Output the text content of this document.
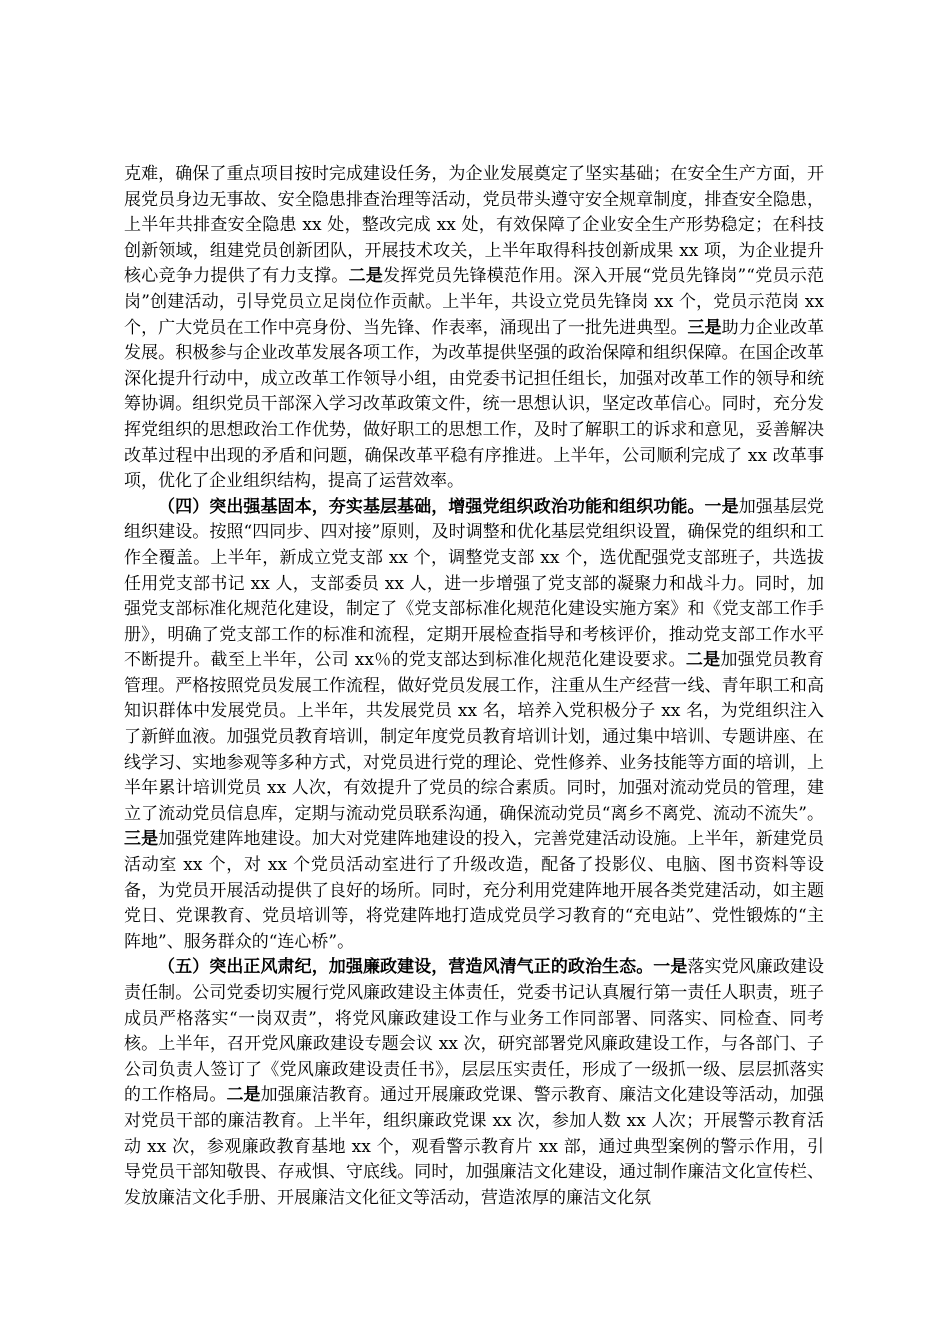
克难，确保了重点项目按时完成建设任务，为企业发展奠定了坚实基础；在安全生产方面，开展党员身边无事故、安全隐患排查治理等活动，党员带头遵守安全规章制度，排查安全隐患，上半年共排查安全隐患 xx 处，整改完成 xx 处，有效保障了企业安全生产形势稳定；在科技创新领域，组建党员创新团队，开展技术攻关，上半年取得科技创新成果 xx 项，为企业提升核心竞争力提供了有力支撑。二是发挥党员先锋模范作用。深入开展“党员先锋岗”“党员示范岗”创建活动，引导党员立足岗位作贡献。上半年，共设立党员先锋岗 xx 个，党员示范岗 xx 个，广大党员在工作中亮身份、当先锋、作表率，涌现出了一批先进典型。三是助力企业改革发展。积极参与企业改革发展各项工作，为改革提供坚强的政治保障和组织保障。在国企改革深化提升行动中，成立改革工作领导小组，由党委书记担任组长，加强对改革工作的领导和统筹协调。组织党员干部深入学习改革政策文件，统一思想认识，坚定改革信心。同时，充分发挥党组织的思想政治工作优势，做好职工的思想工作，及时了解职工的诉求和意见，妥善解决改革过程中出现的矛盾和问题，确保改革平稳有序推进。上半年，公司顺利完成了 xx 改革事项，优化了企业组织结构，提高了运营效率。

（四）突出强基固本，夯实基层基础，增强党组织政治功能和组织功能。一是加强基层党组织建设。按照“四同步、四对接”原则，及时调整和优化基层党组织设置，确保党的组织和工作全覆盖。上半年，新成立党支部 xx 个，调整党支部 xx 个，选优配强党支部班子，共选拔任用党支部书记 xx 人，支部委员 xx 人，进一步增强了党支部的凝聚力和战斗力。同时，加强党支部标准化规范化建设，制定了《党支部标准化规范化建设实施方案》和《党支部工作手册》，明确了党支部工作的标准和流程，定期开展检查指导和考核评价，推动党支部工作水平不断提升。截至上半年，公司 xx％的党支部达到标准化规范化建设要求。二是加强党员教育管理。严格按照党员发展工作流程，做好党员发展工作，注重从生产经营一线、青年职工和高知识群体中发展党员。上半年，共发展党员 xx 名，培养入党积极分子 xx 名，为党组织注入了新鲜血液。加强党员教育培训，制定年度党员教育培训计划，通过集中培训、专题讲座、在线学习、实地参观等多种方式，对党员进行党的理论、党性修养、业务技能等方面的培训，上半年累计培训党员 xx 人次，有效提升了党员的综合素质。同时，加强对流动党员的管理，建立了流动党员信息库，定期与流动党员联系沟通，确保流动党员“离乡不离党、流动不流失”。三是加强党建阵地建设。加大对党建阵地建设的投入，完善党建活动设施。上半年，新建党员活动室 xx 个，对 xx 个党员活动室进行了升级改造，配备了投影仪、电脑、图书资料等设备，为党员开展活动提供了良好的场所。同时，充分利用党建阵地开展各类党建活动，如主题党日、党课教育、党员培训等，将党建阵地打造成党员学习教育的“充电站”、党性锻炼的“主阵地”、服务群众的“连心桥”。

（五）突出正风肃纪，加强廉政建设，营造风清气正的政治生态。一是落实党风廉政建设责任制。公司党委切实履行党风廉政建设主体责任，党委书记认真履行第一责任人职责，班子成员严格落实“一岗双责”，将党风廉政建设工作与业务工作同部署、同落实、同检查、同考核。上半年，召开党风廉政建设专题会议 xx 次，研究部署党风廉政建设工作，与各部门、子公司负责人签订了《党风廉政建设责任书》，层层压实责任，形成了一级抓一级、层层抓落实的工作格局。二是加强廉洁教育。通过开展廉政党课、警示教育、廉洁文化建设等活动，加强对党员干部的廉洁教育。上半年，组织廉政党课 xx 次，参加人数 xx 人次；开展警示教育活动 xx 次，参观廉政教育基地 xx 个，观看警示教育片 xx 部，通过典型案例的警示作用，引导党员干部知敬畏、存戒惧、守底线。同时，加强廉洁文化建设，通过制作廉洁文化宣传栏、发放廉洁文化手册、开展廉洁文化征文等活动，营造浓厚的廉洁文化氛
